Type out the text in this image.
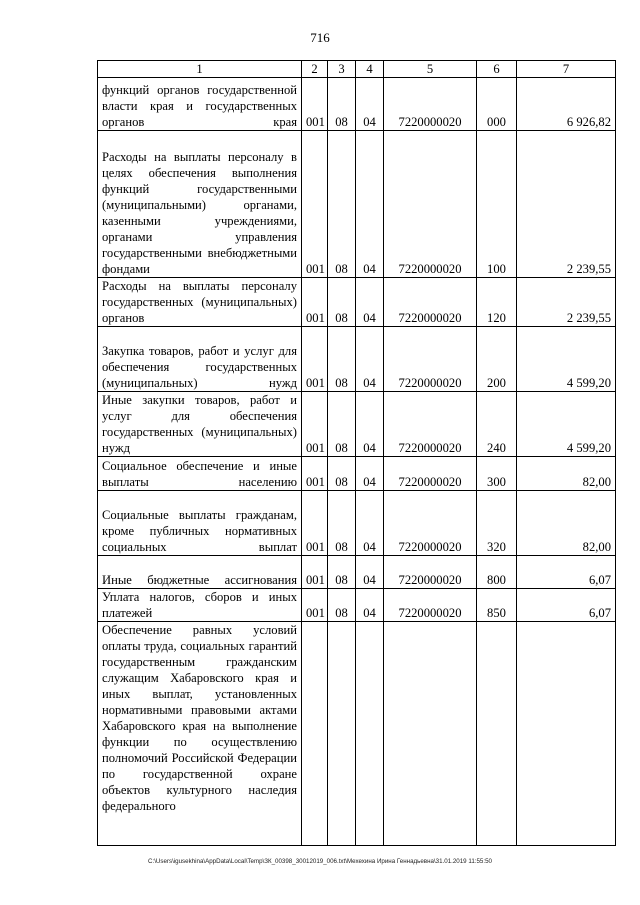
716
1	2	3	4	5	6	7
функций органов государственной власти края и государственных органов края	001	08	04	7220000020	000	6 926,82
Расходы на выплаты персоналу в целях обеспечения выполнения функций государственными (муниципальными) органами, казенными учреждениями, органами управления государственными внебюджетными фондами	001	08	04	7220000020	100	2 239,55
Расходы на выплаты персоналу государственных (муниципальных) органов	001	08	04	7220000020	120	2 239,55
Закупка товаров, работ и услуг для обеспечения государственных (муниципальных) нужд	001	08	04	7220000020	200	4 599,20
Иные закупки товаров, работ и услуг для обеспечения государственных (муниципальных) нужд	001	08	04	7220000020	240	4 599,20
Социальное обеспечение и иные выплаты населению	001	08	04	7220000020	300	82,00
Социальные выплаты гражданам, кроме публичных нормативных социальных выплат	001	08	04	7220000020	320	82,00
Иные бюджетные ассигнования	001	08	04	7220000020	800	6,07
Уплата налогов, сборов и иных платежей	001	08	04	7220000020	850	6,07
Обеспечение равных условий оплаты труда, социальных гарантий государственным гражданским служащим Хабаровского края и иных выплат, установленных нормативными правовыми актами Хабаровского края на выполнение функции по осуществлению полномочий Российской Федерации по государственной охране объектов культурного наследия федерального						
C:\Users\igusekhina\AppData\Local\Temp\ЗК_00398_30012019_006.txt\Мехехина Ирина Геннадьевна\31.01.2019 11:55:50
